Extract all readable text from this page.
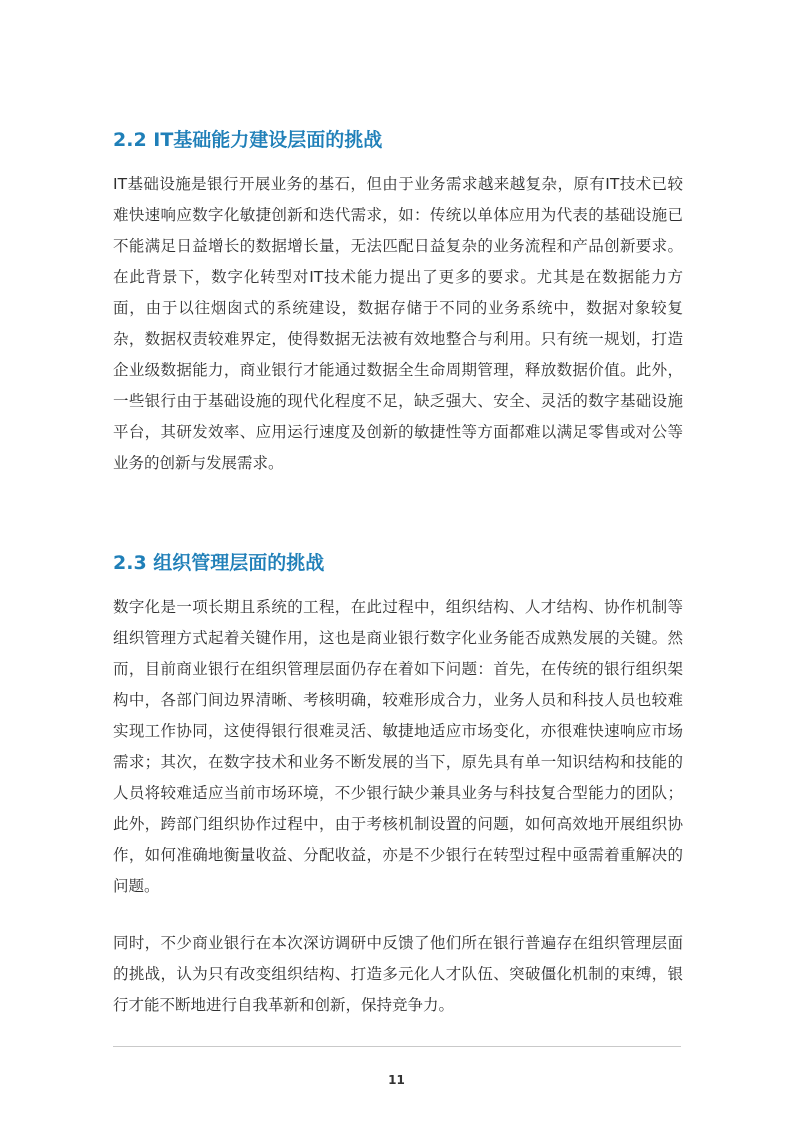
2.2 IT基础能力建设层面的挑战

IT基础设施是银行开展业务的基石，但由于业务需求越来越复杂，原有IT技术已较难快速响应数字化敏捷创新和迭代需求，如：传统以单体应用为代表的基础设施已不能满足日益增长的数据增长量，无法匹配日益复杂的业务流程和产品创新要求。在此背景下，数字化转型对IT技术能力提出了更多的要求。尤其是在数据能力方面，由于以往烟囱式的系统建设，数据存储于不同的业务系统中，数据对象较复杂，数据权责较难界定，使得数据无法被有效地整合与利用。只有统一规划，打造企业级数据能力，商业银行才能通过数据全生命周期管理，释放数据价值。此外，一些银行由于基础设施的现代化程度不足，缺乏强大、安全、灵活的数字基础设施平台，其研发效率、应用运行速度及创新的敏捷性等方面都难以满足零售或对公等业务的创新与发展需求。

2.3 组织管理层面的挑战

数字化是一项长期且系统的工程，在此过程中，组织结构、人才结构、协作机制等组织管理方式起着关键作用，这也是商业银行数字化业务能否成熟发展的关键。然而，目前商业银行在组织管理层面仍存在着如下问题：首先，在传统的银行组织架构中，各部门间边界清晰、考核明确，较难形成合力，业务人员和科技人员也较难实现工作协同，这使得银行很难灵活、敏捷地适应市场变化，亦很难快速响应市场需求；其次，在数字技术和业务不断发展的当下，原先具有单一知识结构和技能的人员将较难适应当前市场环境，不少银行缺少兼具业务与科技复合型能力的团队；此外，跨部门组织协作过程中，由于考核机制设置的问题，如何高效地开展组织协作，如何准确地衡量收益、分配收益，亦是不少银行在转型过程中亟需着重解决的问题。

同时，不少商业银行在本次深访调研中反馈了他们所在银行普遍存在组织管理层面的挑战，认为只有改变组织结构、打造多元化人才队伍、突破僵化机制的束缚，银行才能不断地进行自我革新和创新，保持竞争力。

11
